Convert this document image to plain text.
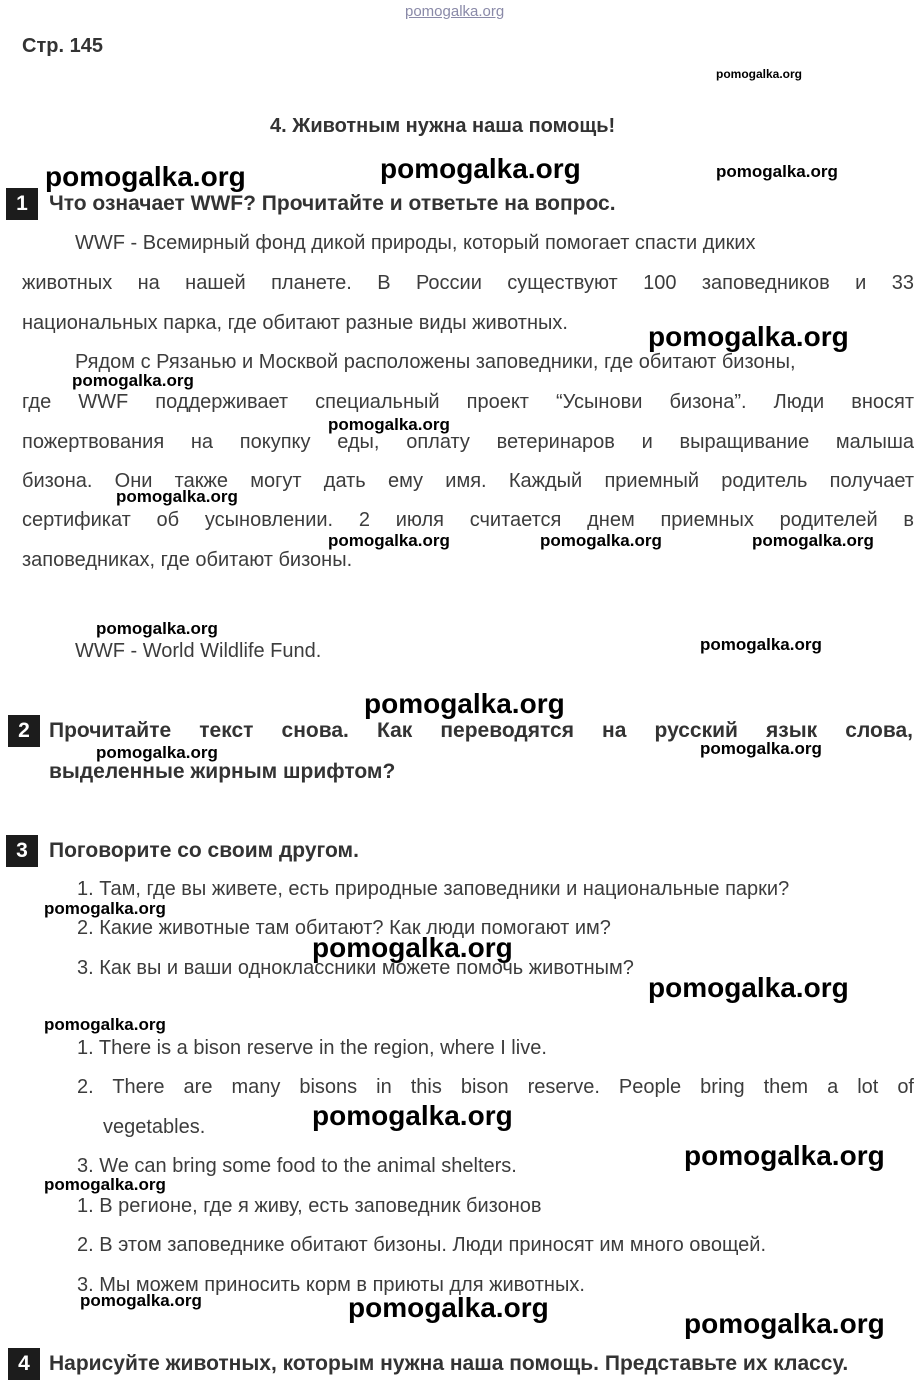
pomogalka.org
Стр. 145
pomogalka.org
4. Животным нужна наша помощь!
1	Что означает WWF? Прочитайте и ответьте на вопрос.
WWF - Всемирный фонд дикой природы, который помогает спасти диких
животных на нашей планете. В России существуют 100 заповедников и 33
национальных парка, где обитают разные виды животных.
Рядом с Рязанью и Москвой расположены заповедники, где обитают бизоны,
где WWF поддерживает специальный проект “Усынови бизона”. Люди вносят
пожертвования на покупку еды, оплату ветеринаров и выращивание малыша
бизона. Они также могут дать ему имя. Каждый приемный родитель получает
сертификат об усыновлении. 2 июля считается днем приемных родителей в
заповедниках, где обитают бизоны.
WWF - World Wildlife Fund.
2 Прочитайте текст снова. Как переводятся на русский язык слова,
выделенные жирным шрифтом?
3	Поговорите со своим другом.
1. Там, где вы живете, есть природные заповедники и национальные парки?
2. Какие животные там обитают? Как люди помогают им?
3. Как вы и ваши одноклассники можете помочь животным?
1. There is a bison reserve in the region, where I live.
2. There are many bisons in this bison reserve. People bring them a lot of
vegetables.
3. We can bring some food to the animal shelters.
1. В регионе, где я живу, есть заповедник бизонов
2. В этом заповеднике обитают бизоны. Люди приносят им много овощей.
3. Мы можем приносить корм в приюты для животных.
4 Нарисуйте животных, которым нужна наша помощь. Представьте их классу.
pomogalka.org	pomogalka.org	pomogalka.org
pomogalka.org
pomogalka.org
pomogalka.org
pomogalka.org
pomogalka.org	pomogalka.org	pomogalka.org
pomogalka.org
pomogalka.org
pomogalka.org
pomogalka.org	pomogalka.org
pomogalka.org
pomogalka.org
pomogalka.org
pomogalka.org
pomogalka.org
pomogalka.org
pomogalka.org
pomogalka.org	pomogalka.org
pomogalka.org
